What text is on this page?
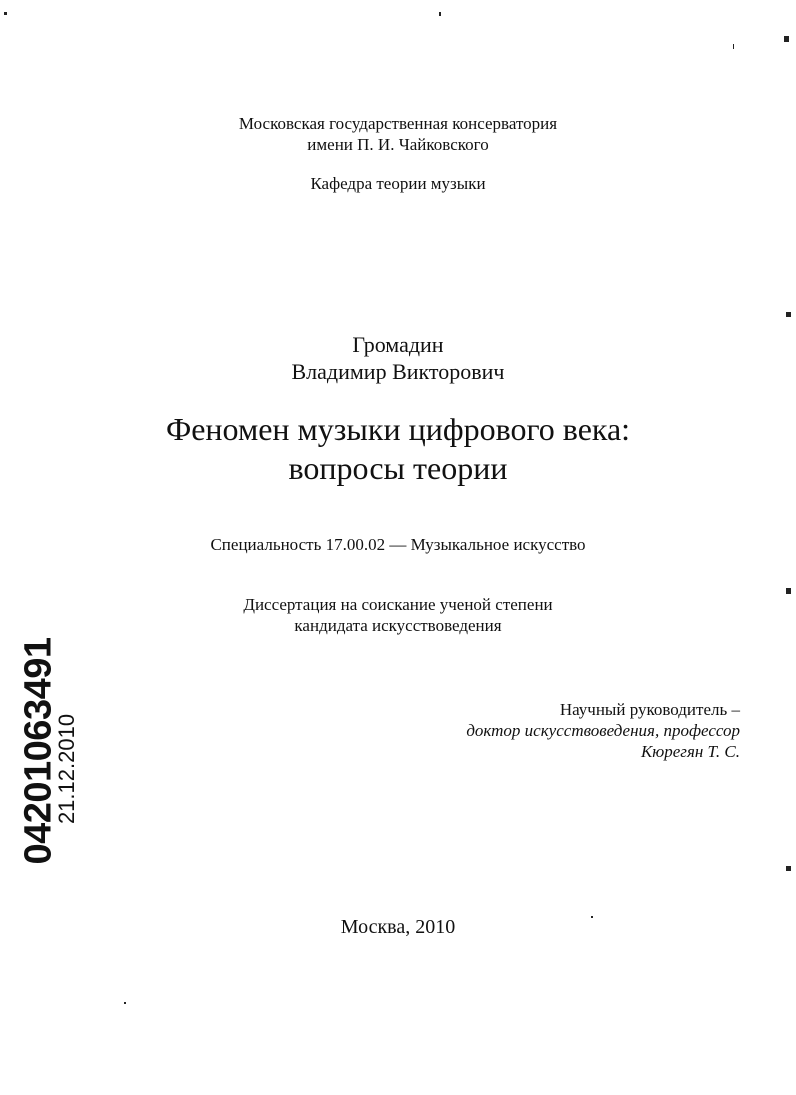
Московская государственная консерватория
имени П. И. Чайковского
Кафедра теории музыки
Громадин
Владимир Викторович
Феномен музыки цифрового века:
вопросы теории
Специальность 17.00.02 — Музыкальное искусство
Диссертация на соискание ученой степени
кандидата искусствоведения
Научный руководитель –
доктор искусствоведения, профессор
Кюрегян Т. С.
Москва, 2010
04201063491
21.12.2010
